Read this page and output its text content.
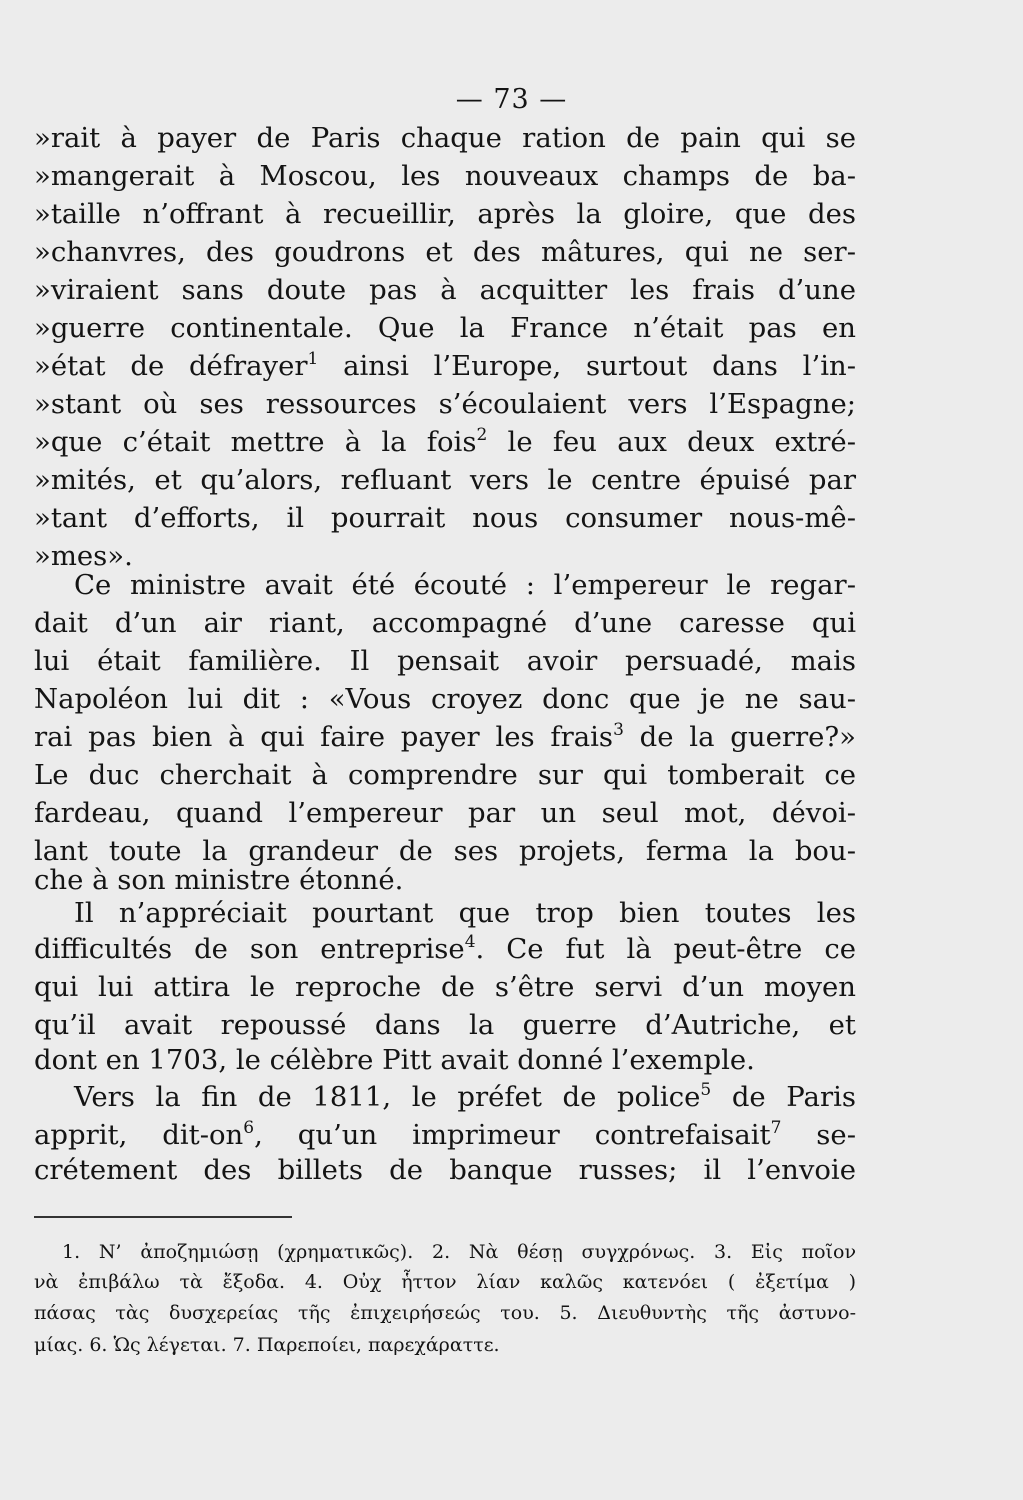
— 73 —
»rait à payer de Paris chaque ration de pain qui se
»mangerait à Moscou, les nouveaux champs de ba-
»taille n’offrant à recueillir, après la gloire, que des
»chanvres, des goudrons et des mâtures, qui ne ser-
»viraient sans doute pas à acquitter les frais d’une
»guerre continentale. Que la France n’était pas en
»état de défrayer$^1$ ainsi l’Europe, surtout dans l’in-
»stant où ses ressources s’écoulaient vers l’Espagne;
»que c’était mettre à la fois$^2$ le feu aux deux extré-
»mités, et qu’alors, refluant vers le centre épuisé par
»tant d’efforts, il pourrait nous consumer nous-mê-
»mes».
Ce ministre avait été écouté : l’empereur le regar-
dait d’un air riant, accompagné d’une caresse qui
lui était familière. Il pensait avoir persuadé, mais
Napoléon lui dit : «Vous croyez donc que je ne sau-
rai pas bien à qui faire payer les frais$^3$ de la guerre?»
Le duc cherchait à comprendre sur qui tomberait ce
fardeau, quand l’empereur par un seul mot, dévoi-
lant toute la grandeur de ses projets, ferma la bou-
che à son ministre étonné.
Il n’appréciait pourtant que trop bien toutes les
difficultés de son entreprise$^4$. Ce fut là peut-être ce
qui lui attira le reproche de s’être servi d’un moyen
qu’il avait repoussé dans la guerre d’Autriche, et
dont en 1703, le célèbre Pitt avait donné l’exemple.
Vers la fin de 1811, le préfet de police$^5$ de Paris
apprit, dit-$on^6$, qu’un imprimeur contrefaisait$^7$ se-
crétement des billets de banque russes; il l’envoie
1. Ν’ ἀποζημιώσῃ (χρηματικῶς). 2. Νὰ θέσῃ συγχρόνως. 3. Εἰς ποῖον
νὰ ἐπιβάλω τὰ ἔξοδα. 4. Οὐχ ἧττον λίαν καλῶς κατενόει ( ἐξετίμα )
πάσας τὰς δυσχερείας τῆς ἐπιχειρήσεώς του. 5. Διευθυντὴς τῆς ἀστυνο-
μίας. 6. Ὡς λέγεται. 7. Παρεποίει, παρεχάραττε.
